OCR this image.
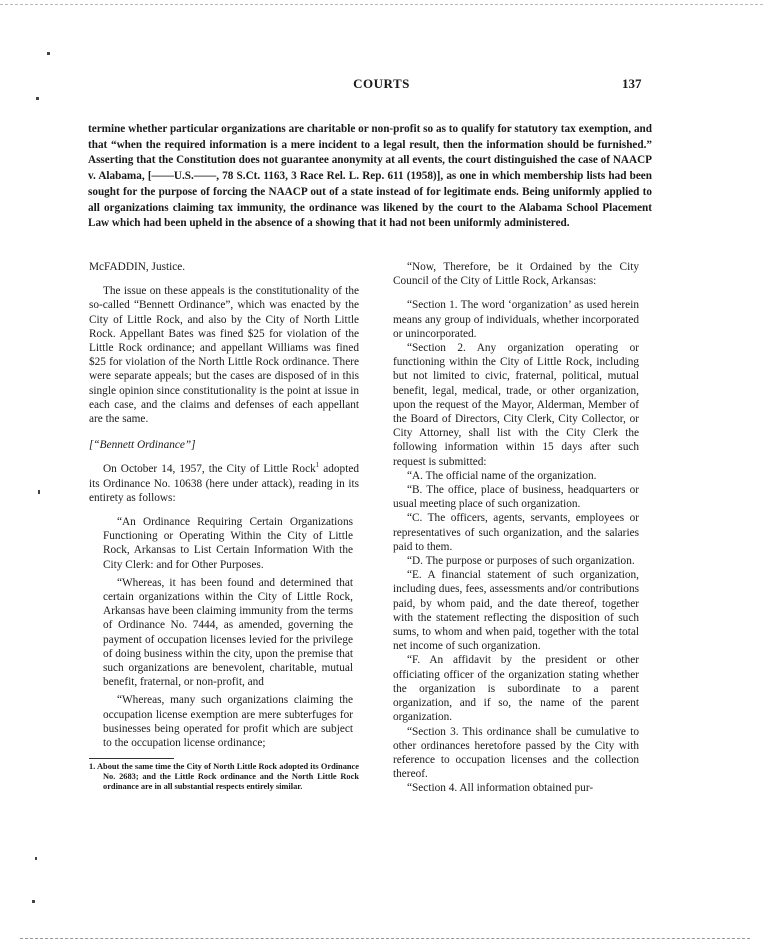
COURTS	137
termine whether particular organizations are charitable or non-profit so as to qualify for statutory tax exemption, and that “when the required information is a mere incident to a legal result, then the information should be furnished.” Asserting that the Constitution does not guarantee anonymity at all events, the court distinguished the case of NAACP v. Alabama, [——U.S.——, 78 S.Ct. 1163, 3 Race Rel. L. Rep. 611 (1958)], as one in which membership lists had been sought for the purpose of forcing the NAACP out of a state instead of for legitimate ends. Being uniformly applied to all organizations claiming tax immunity, the ordinance was likened by the court to the Alabama School Placement Law which had been upheld in the absence of a showing that it had not been uniformly administered.

McFADDIN, Justice.

The issue on these appeals is the constitutionality of the so-called “Bennett Ordinance”, which was enacted by the City of Little Rock, and also by the City of North Little Rock. Appellant Bates was fined $25 for violation of the Little Rock ordinance; and appellant Williams was fined $25 for violation of the North Little Rock ordinance. There were separate appeals; but the cases are disposed of in this single opinion since constitutionality is the point at issue in each case, and the claims and defenses of each appellant are the same.

[“Bennett Ordinance”]

On October 14, 1957, the City of Little Rock$^1$ adopted its Ordinance No. 10638 (here under attack), reading in its entirety as follows:

“An Ordinance Requiring Certain Organizations Functioning or Operating Within the City of Little Rock, Arkansas to List Certain Information With the City Clerk: and for Other Purposes.

“Whereas, it has been found and determined that certain organizations within the City of Little Rock, Arkansas have been claiming immunity from the terms of Ordinance No. 7444, as amended, governing the payment of occupation licenses levied for the privilege of doing business within the city, upon the premise that such organizations are benevolent, charitable, mutual benefit, fraternal, or non-profit, and

“Whereas, many such organizations claiming the occupation license exemption are mere subterfuges for businesses being operated for profit which are subject to the occupation license ordinance;

1. About the same time the City of North Little Rock adopted its Ordinance No. 2683; and the Little Rock ordinance and the North Little Rock ordinance are in all substantial respects entirely similar.

“Now, Therefore, be it Ordained by the City Council of the City of Little Rock, Arkansas:

“Section 1. The word ‘organization’ as used herein means any group of individuals, whether incorporated or unincorporated.

“Section 2. Any organization operating or functioning within the City of Little Rock, including but not limited to civic, fraternal, political, mutual benefit, legal, medical, trade, or other organization, upon the request of the Mayor, Alderman, Member of the Board of Directors, City Clerk, City Collector, or City Attorney, shall list with the City Clerk the following information within 15 days after such request is submitted:

“A. The official name of the organization.

“B. The office, place of business, headquarters or usual meeting place of such organization.

“C. The officers, agents, servants, employees or representatives of such organization, and the salaries paid to them.

“D. The purpose or purposes of such organization.

“E. A financial statement of such organization, including dues, fees, assessments and/or contributions paid, by whom paid, and the date thereof, together with the statement reflecting the disposition of such sums, to whom and when paid, together with the total net income of such organization.

“F. An affidavit by the president or other officiating officer of the organization stating whether the organization is subordinate to a parent organization, and if so, the name of the parent organization.

“Section 3. This ordinance shall be cumulative to other ordinances heretofore passed by the City with reference to occupation licenses and the collection thereof.

“Section 4. All information obtained pur-
